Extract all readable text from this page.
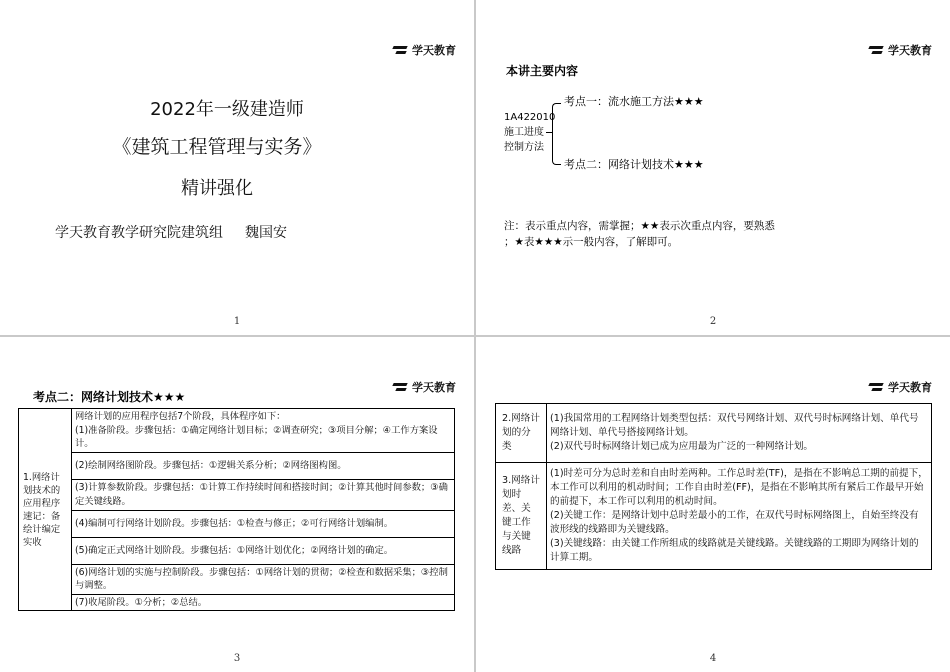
学天教育
2022年一级建造师
《建筑工程管理与实务》
精讲强化
学天教育教学研究院建筑组 魏国安
1
学天教育
本讲主要内容
1A422010
施工进度
控制方法
考点一：流水施工方法★★★
考点二：网络计划技术★★★
注：表示重点内容，需掌握；★★表示次重点内容，要熟悉
；★表★★★示一般内容，了解即可。
2
学天教育
考点二：网络计划技术★★★
1.网络计划技术的应用程序速记：备绘计编定实收	网络计划的应用程序包括7个阶段，具体程序如下：
(1)准备阶段。步骤包括：①确定网络计划目标；②调查研究；③项目分解；④工作方案设计。
(2)绘制网络图阶段。步骤包括：①逻辑关系分析；②网络图构图。
(3)计算参数阶段。步骤包括：①计算工作持续时间和搭接时间；②计算其他时间参数；③确定关键线路。
(4)编制可行网络计划阶段。步骤包括：①检查与修正；②可行网络计划编制。
(5)确定正式网络计划阶段。步骤包括：①网络计划优化；②网络计划的确定。
(6)网络计划的实施与控制阶段。步骤包括：①网络计划的贯彻；②检查和数据采集；③控制与调整。
(7)收尾阶段。①分析；②总结。
3
学天教育
2.网络计划的分类	(1)我国常用的工程网络计划类型包括：双代号网络计划、双代号时标网络计划、单代号网络计划、单代号搭接网络计划。
(2)双代号时标网络计划已成为应用最为广泛的一种网络计划。
3.网络计划时差、关键工作与关键线路	(1)时差可分为总时差和自由时差两种。工作总时差(TF)，是指在不影响总工期的前提下，本工作可以利用的机动时间；工作自由时差(FF)，是指在不影响其所有紧后工作最早开始的前提下，本工作可以利用的机动时间。
(2)关键工作：是网络计划中总时差最小的工作，在双代号时标网络图上，自始至终没有波形线的线路即为关键线路。
(3)关键线路：由关键工作所组成的线路就是关键线路。关键线路的工期即为网络计划的计算工期。
4
